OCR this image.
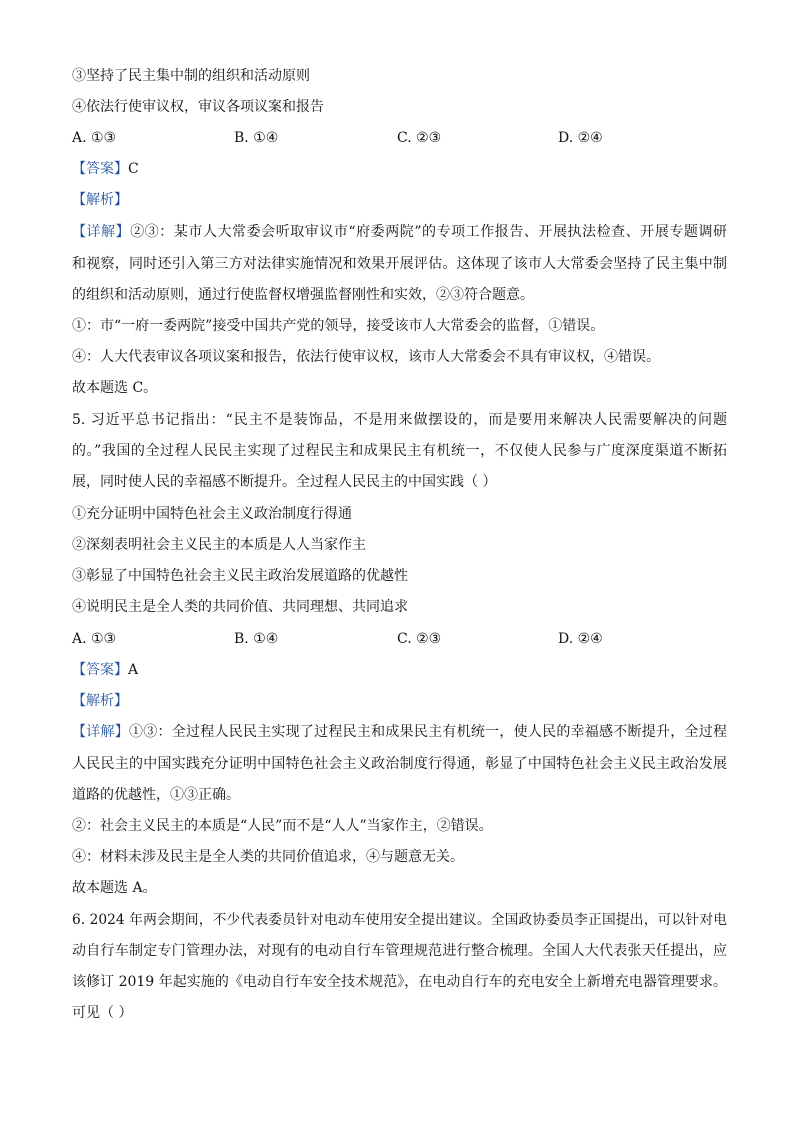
③坚持了民主集中制的组织和活动原则
④依法行使审议权，审议各项议案和报告
A. ①③	B. ①④	C. ②③	D. ②④
【答案】C
【解析】
【详解】②③：某市人大常委会听取审议市“府委两院”的专项工作报告、开展执法检查、开展专题调研
和视察，同时还引入第三方对法律实施情况和效果开展评估。这体现了该市人大常委会坚持了民主集中制
的组织和活动原则，通过行使监督权增强监督刚性和实效，②③符合题意。
①：市“一府一委两院”接受中国共产党的领导，接受该市人大常委会的监督，①错误。
④：人大代表审议各项议案和报告，依法行使审议权，该市人大常委会不具有审议权，④错误。
故本题选 C。
5. 习近平总书记指出：“民主不是装饰品，不是用来做摆设的，而是要用来解决人民需要解决的问题
的。”我国的全过程人民民主实现了过程民主和成果民主有机统一，不仅使人民参与广度深度渠道不断拓
展，同时使人民的幸福感不断提升。全过程人民民主的中国实践（ ）
①充分证明中国特色社会主义政治制度行得通
②深刻表明社会主义民主的本质是人人当家作主
③彰显了中国特色社会主义民主政治发展道路的优越性
④说明民主是全人类的共同价值、共同理想、共同追求
A. ①③	B. ①④	C. ②③	D. ②④
【答案】A
【解析】
【详解】①③：全过程人民民主实现了过程民主和成果民主有机统一，使人民的幸福感不断提升，全过程
人民民主的中国实践充分证明中国特色社会主义政治制度行得通，彰显了中国特色社会主义民主政治发展
道路的优越性，①③正确。
②：社会主义民主的本质是“人民”而不是“人人”当家作主，②错误。
④：材料未涉及民主是全人类的共同价值追求，④与题意无关。
故本题选 A。
6. 2024 年两会期间，不少代表委员针对电动车使用安全提出建议。全国政协委员李正国提出，可以针对电
动自行车制定专门管理办法，对现有的电动自行车管理规范进行整合梳理。全国人大代表张天任提出，应
该修订 2019 年起实施的《电动自行车安全技术规范》，在电动自行车的充电安全上新增充电器管理要求。
可见（ ）
